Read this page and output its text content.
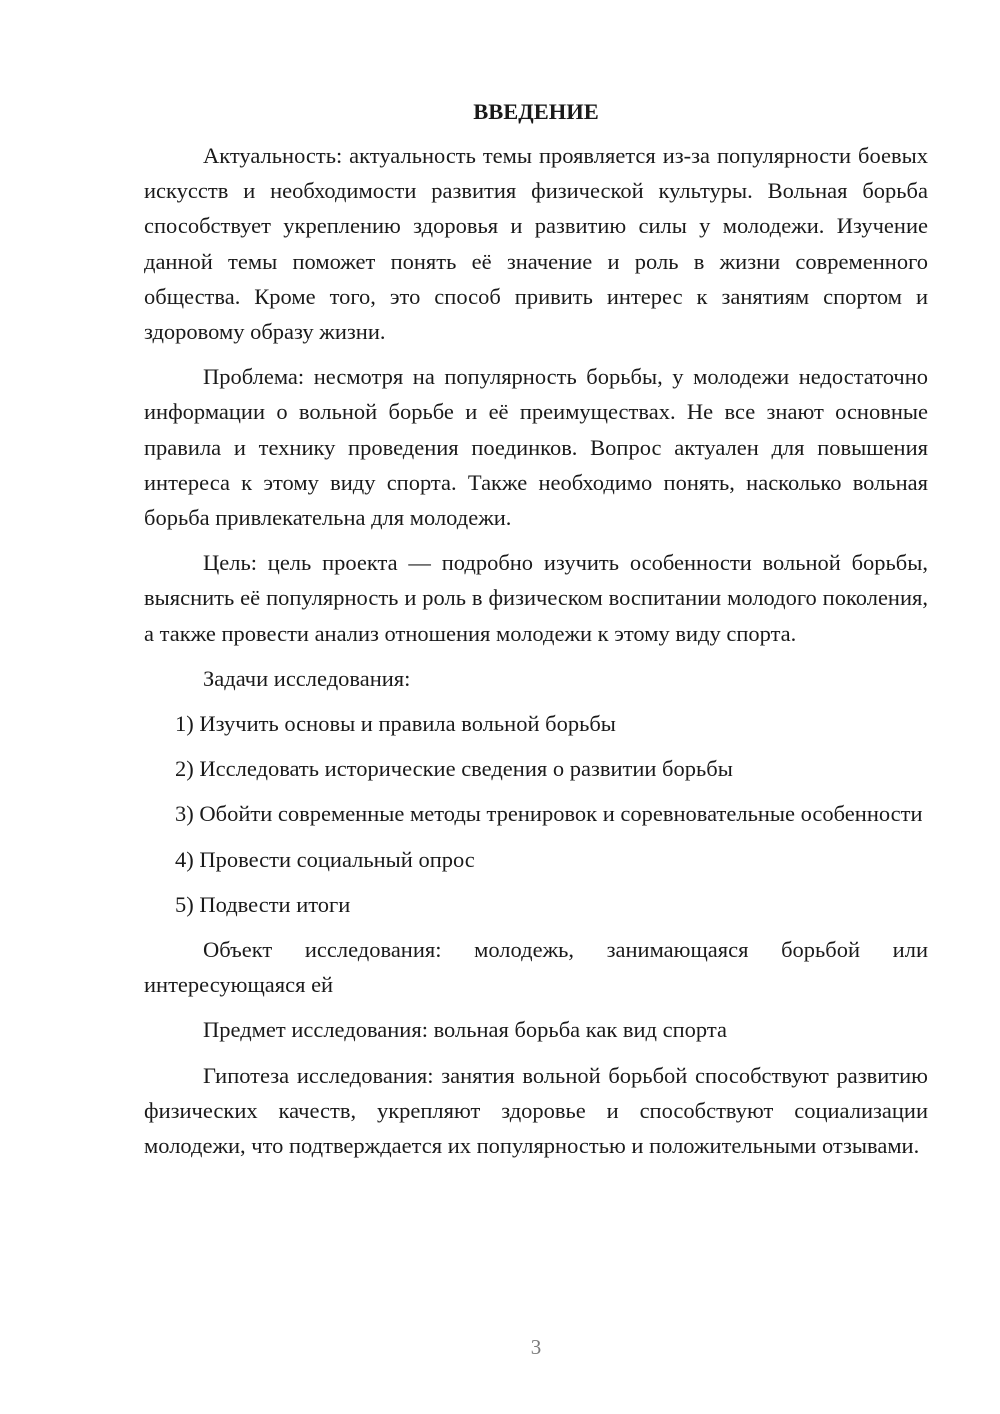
ВВЕДЕНИЕ

Актуальность: актуальность темы проявляется из-за популярности боевых искусств и необходимости развития физической культуры. Вольная борьба способствует укреплению здоровья и развитию силы у молодежи. Изучение данной темы поможет понять её значение и роль в жизни современного общества. Кроме того, это способ привить интерес к занятиям спортом и здоровому образу жизни.

Проблема: несмотря на популярность борьбы, у молодежи недостаточно информации о вольной борьбе и её преимуществах. Не все знают основные правила и технику проведения поединков. Вопрос актуален для повышения интереса к этому виду спорта. Также необходимо понять, насколько вольная борьба привлекательна для молодежи.

Цель: цель проекта — подробно изучить особенности вольной борьбы, выяснить её популярность и роль в физическом воспитании молодого поколения, а также провести анализ отношения молодежи к этому виду спорта.

Задачи исследования:

1) Изучить основы и правила вольной борьбы

2) Исследовать исторические сведения о развитии борьбы

3) Обойти современные методы тренировок и соревновательные особенности

4) Провести социальный опрос

5) Подвести итоги

Объект исследования: молодежь, занимающаяся борьбой или интересующаяся ей

Предмет исследования: вольная борьба как вид спорта

Гипотеза исследования: занятия вольной борьбой способствуют развитию физических качеств, укрепляют здоровье и способствуют социализации молодежи, что подтверждается их популярностью и положительными отзывами.

3
